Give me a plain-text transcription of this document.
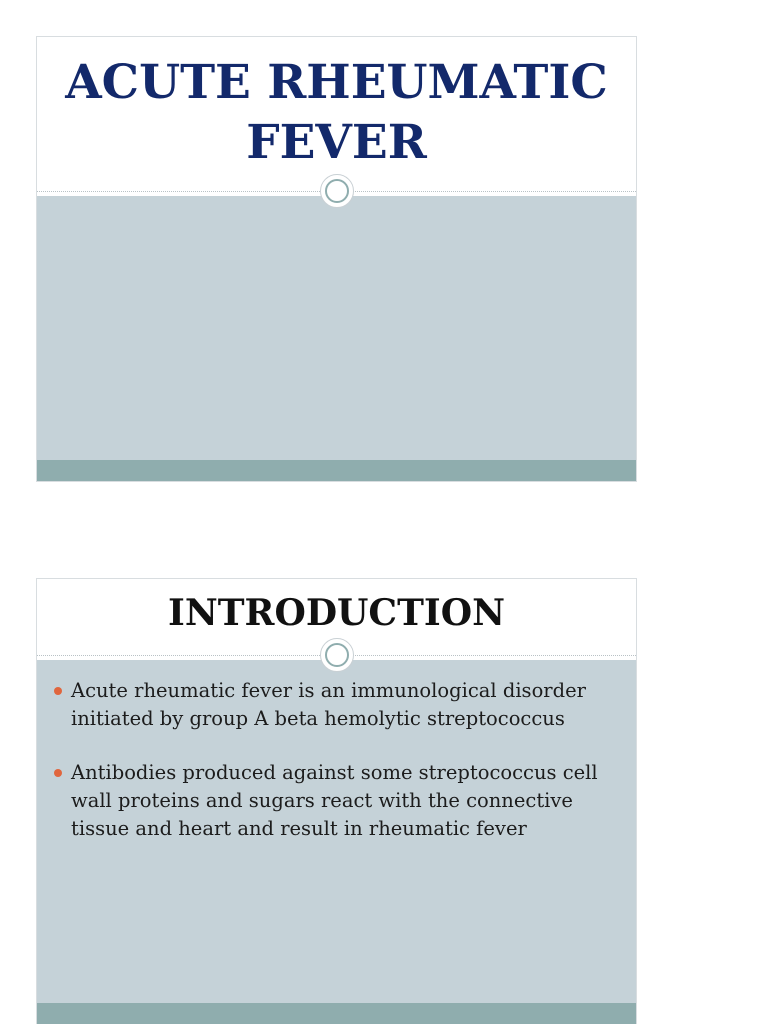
ACUTE RHEUMATIC
FEVER
INTRODUCTION
Acute rheumatic fever is an immunological disorder initiated by group A beta hemolytic streptococcus
Antibodies produced against some streptococcus cell wall proteins and sugars react with the connective tissue and heart and result in rheumatic fever
